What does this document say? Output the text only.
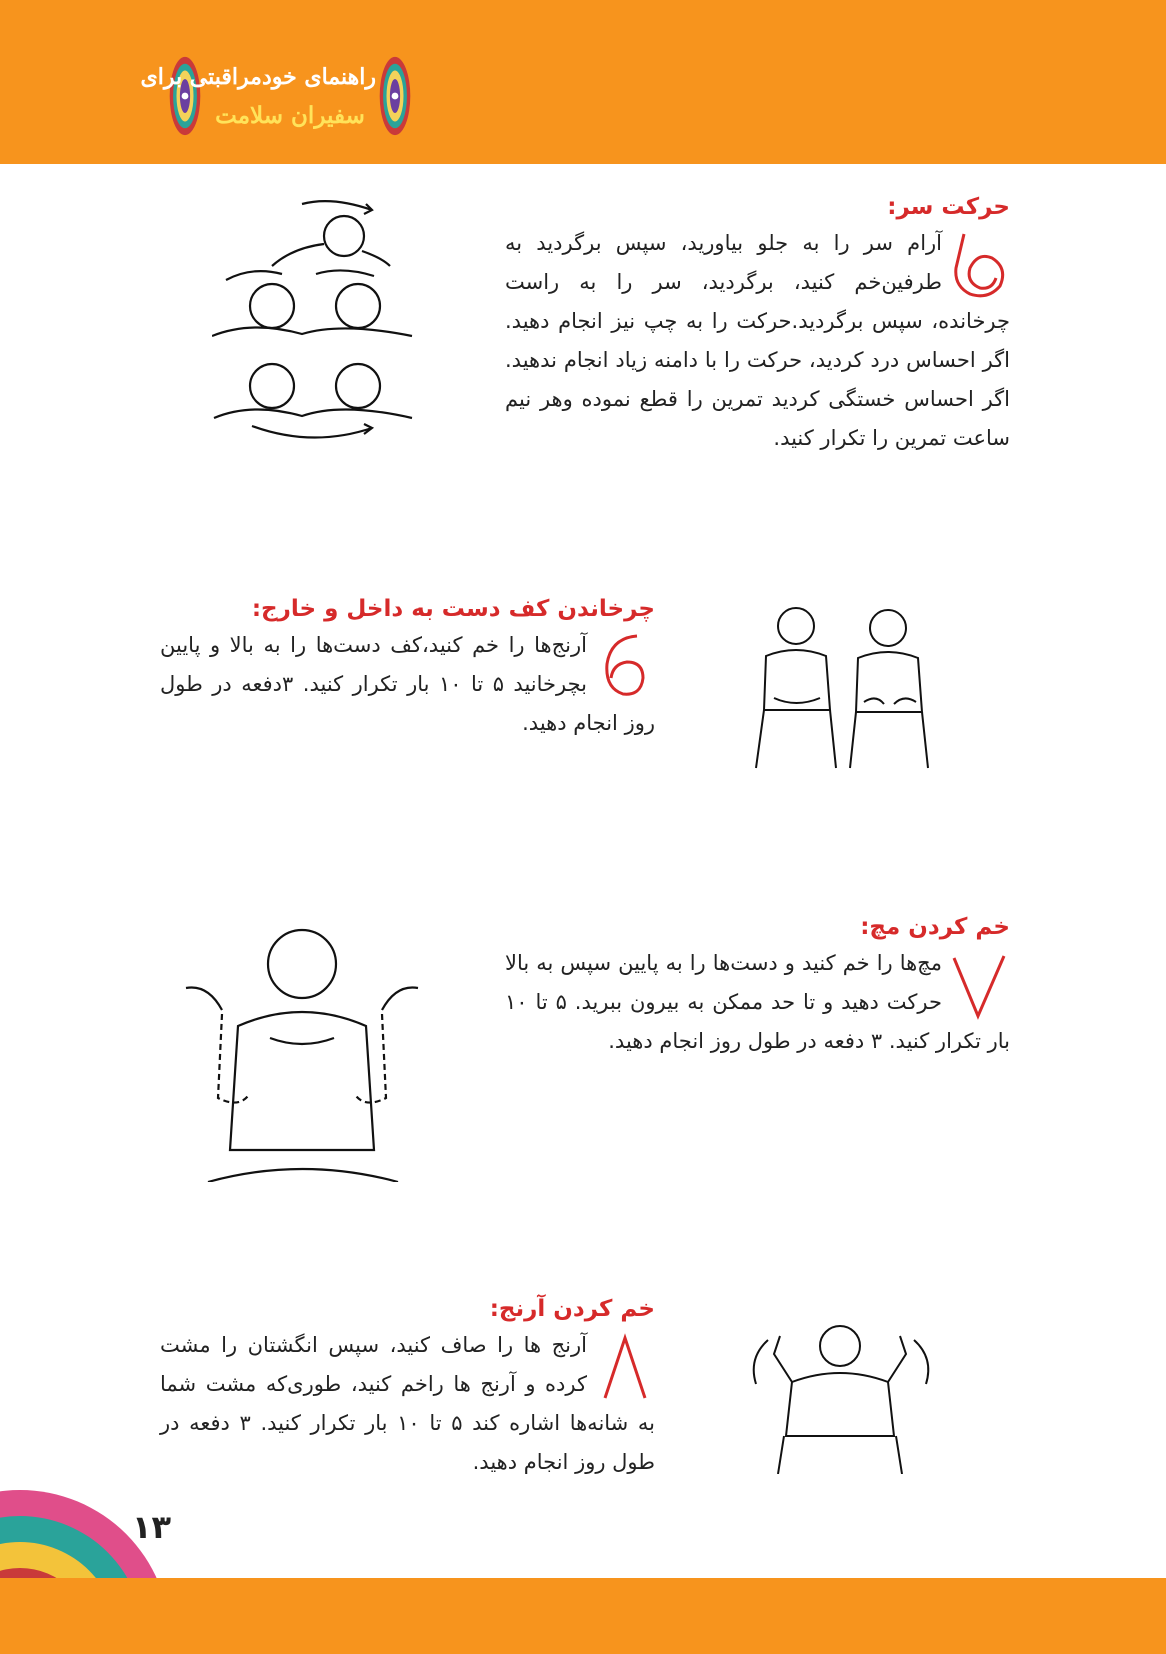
راهنمای خودمراقبتی برای
سفیران سلامت
حرکت سر:
آرام سر را به جلو بیاورید، سپس برگردید به طرفین‌خم کنید، برگردید، سر را به راست چرخانده، سپس برگردید.حرکت را به چپ نیز انجام دهید. اگر احساس درد کردید، حرکت را با دامنه زیاد انجام ندهید. اگر احساس خستگی کردید تمرین را قطع نموده وهر نیم ساعت تمرین را تکرار کنید.
چرخاندن کف دست به داخل و خارج:
آرنج‌ها را خم کنید،کف دست‌ها را به بالا و پایین بچرخانید ۵ تا ۱۰ بار تکرار کنید. ۳دفعه در طول روز انجام دهید.
خم کردن مچ:
مچ‌ها را خم کنید و دست‌ها را به پایین سپس به بالا حرکت دهید و تا حد ممکن به بیرون ببرید. ۵ تا ۱۰ بار تکرار کنید. ۳ دفعه در طول روز انجام دهید.
خم کردن آرنج:
آرنج ها را صاف کنید، سپس انگشتان را مشت کرده و آرنج ها راخم کنید، طوری‌که مشت شما به شانه‌ها اشاره کند ۵ تا ۱۰ بار تکرار کنید. ۳ دفعه در طول روز انجام دهید.
۱۳
